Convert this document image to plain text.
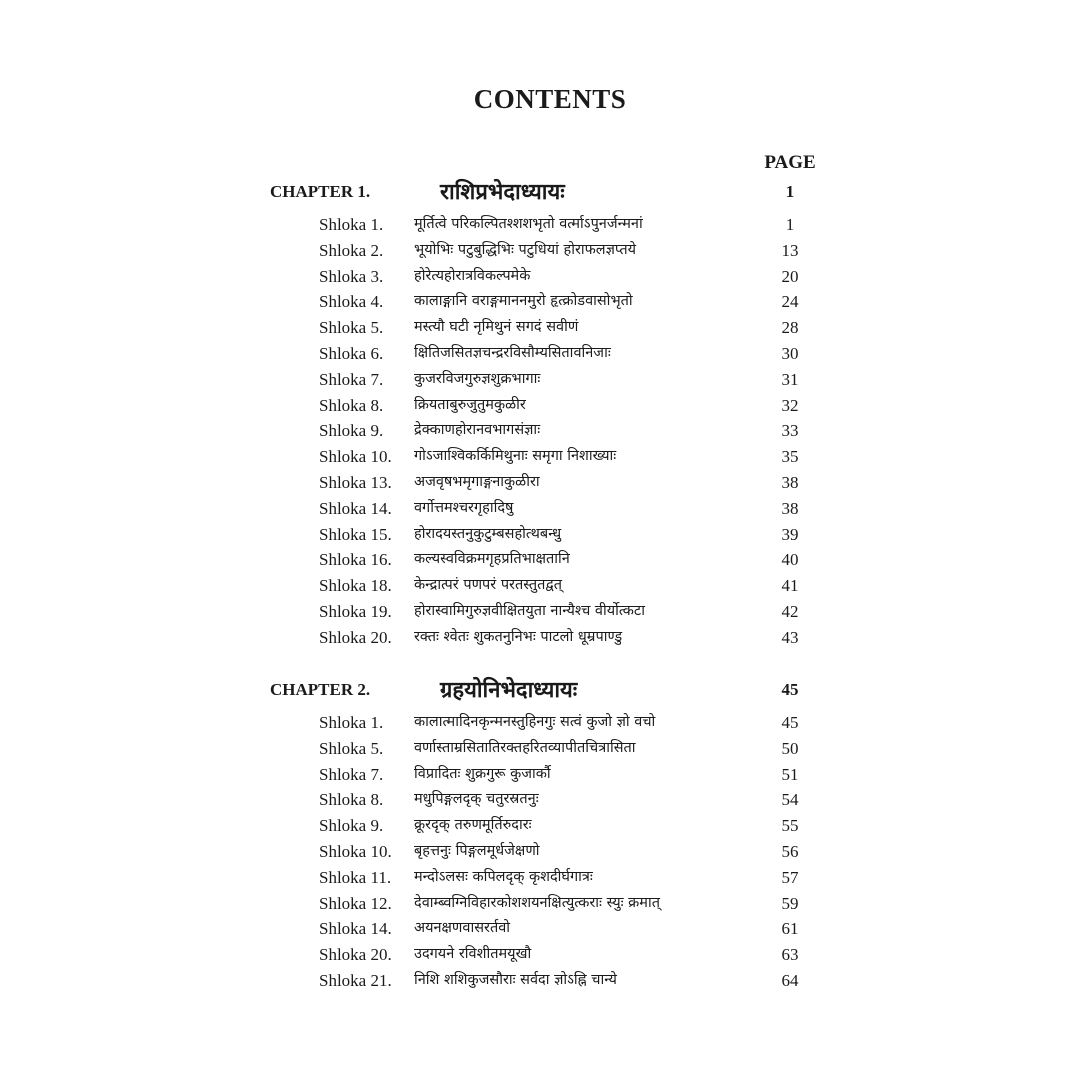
CONTENTS
PAGE
CHAPTER 1.	राशिप्रभेदाध्यायः	1
Shloka 1. मूर्तित्वे परिकल्पितश्शशभृतो वर्त्माऽपुनर्जन्मनां	1
Shloka 2. भूयोभिः पटुबुद्धिभिः पटुधियां होराफलज्ञप्तये	13
Shloka 3. होरेत्यहोरात्रविकल्पमेके	20
Shloka 4. कालाङ्गानि वराङ्गमाननमुरो हृत्क्रोडवासोभृतो	24
Shloka 5. मस्त्यौ घटी नृमिथुनं सगदं सवीणं	28
Shloka 6. क्षितिजसितज्ञचन्द्ररविसौम्यसितावनिजाः	30
Shloka 7. कुजरविजगुरुज्ञशुक्रभागाः	31
Shloka 8. क्रियताबुरुजुतुमकुळीर	32
Shloka 9. द्रेक्काणहोरानवभागसंज्ञाः	33
Shloka 10. गोऽजाश्विकर्किमिथुनाः समृगा निशाख्याः	35
Shloka 13. अजवृषभमृगाङ्गनाकुळीरा	38
Shloka 14. वर्गोत्तमश्चरगृहादिषु	38
Shloka 15. होरादयस्तनुकुटुम्बसहोत्थबन्धु	39
Shloka 16. कल्यस्वविक्रमगृहप्रतिभाक्षतानि	40
Shloka 18. केन्द्रात्परं पणपरं परतस्तुतद्वत्	41
Shloka 19. होरास्वामिगुरुज्ञवीक्षितयुता नान्यैश्च वीर्योत्कटा	42
Shloka 20. रक्तः श्वेतः शुकतनुनिभः पाटलो धूम्रपाण्डु	43
CHAPTER 2.	ग्रहयोनिभेदाध्यायः	45
Shloka 1. कालात्मादिनकृन्मनस्तुहिनगुः सत्वं कुजो ज्ञो वचो	45
Shloka 5. वर्णास्ताम्रसितातिरक्तहरितव्यापीतचित्रासिता	50
Shloka 7. विप्रादितः शुक्रगुरू कुजार्कौ	51
Shloka 8. मधुपिङ्गलदृक् चतुरस्रतनुः	54
Shloka 9. क्रूरदृक् तरुणमूर्तिरुदारः	55
Shloka 10. बृहत्तनुः पिङ्गलमूर्धजेक्षणो	56
Shloka 11. मन्दोऽलसः कपिलदृक् कृशदीर्घगात्रः	57
Shloka 12. देवाम्ब्वग्निविहारकोशशयनक्षित्युत्कराः स्युः क्रमात्	59
Shloka 14. अयनक्षणवासरर्तवो	61
Shloka 20. उदगयने रविशीतमयूखौ	63
Shloka 21. निशि शशिकुजसौराः सर्वदा ज्ञोऽह्नि चान्ये	64
